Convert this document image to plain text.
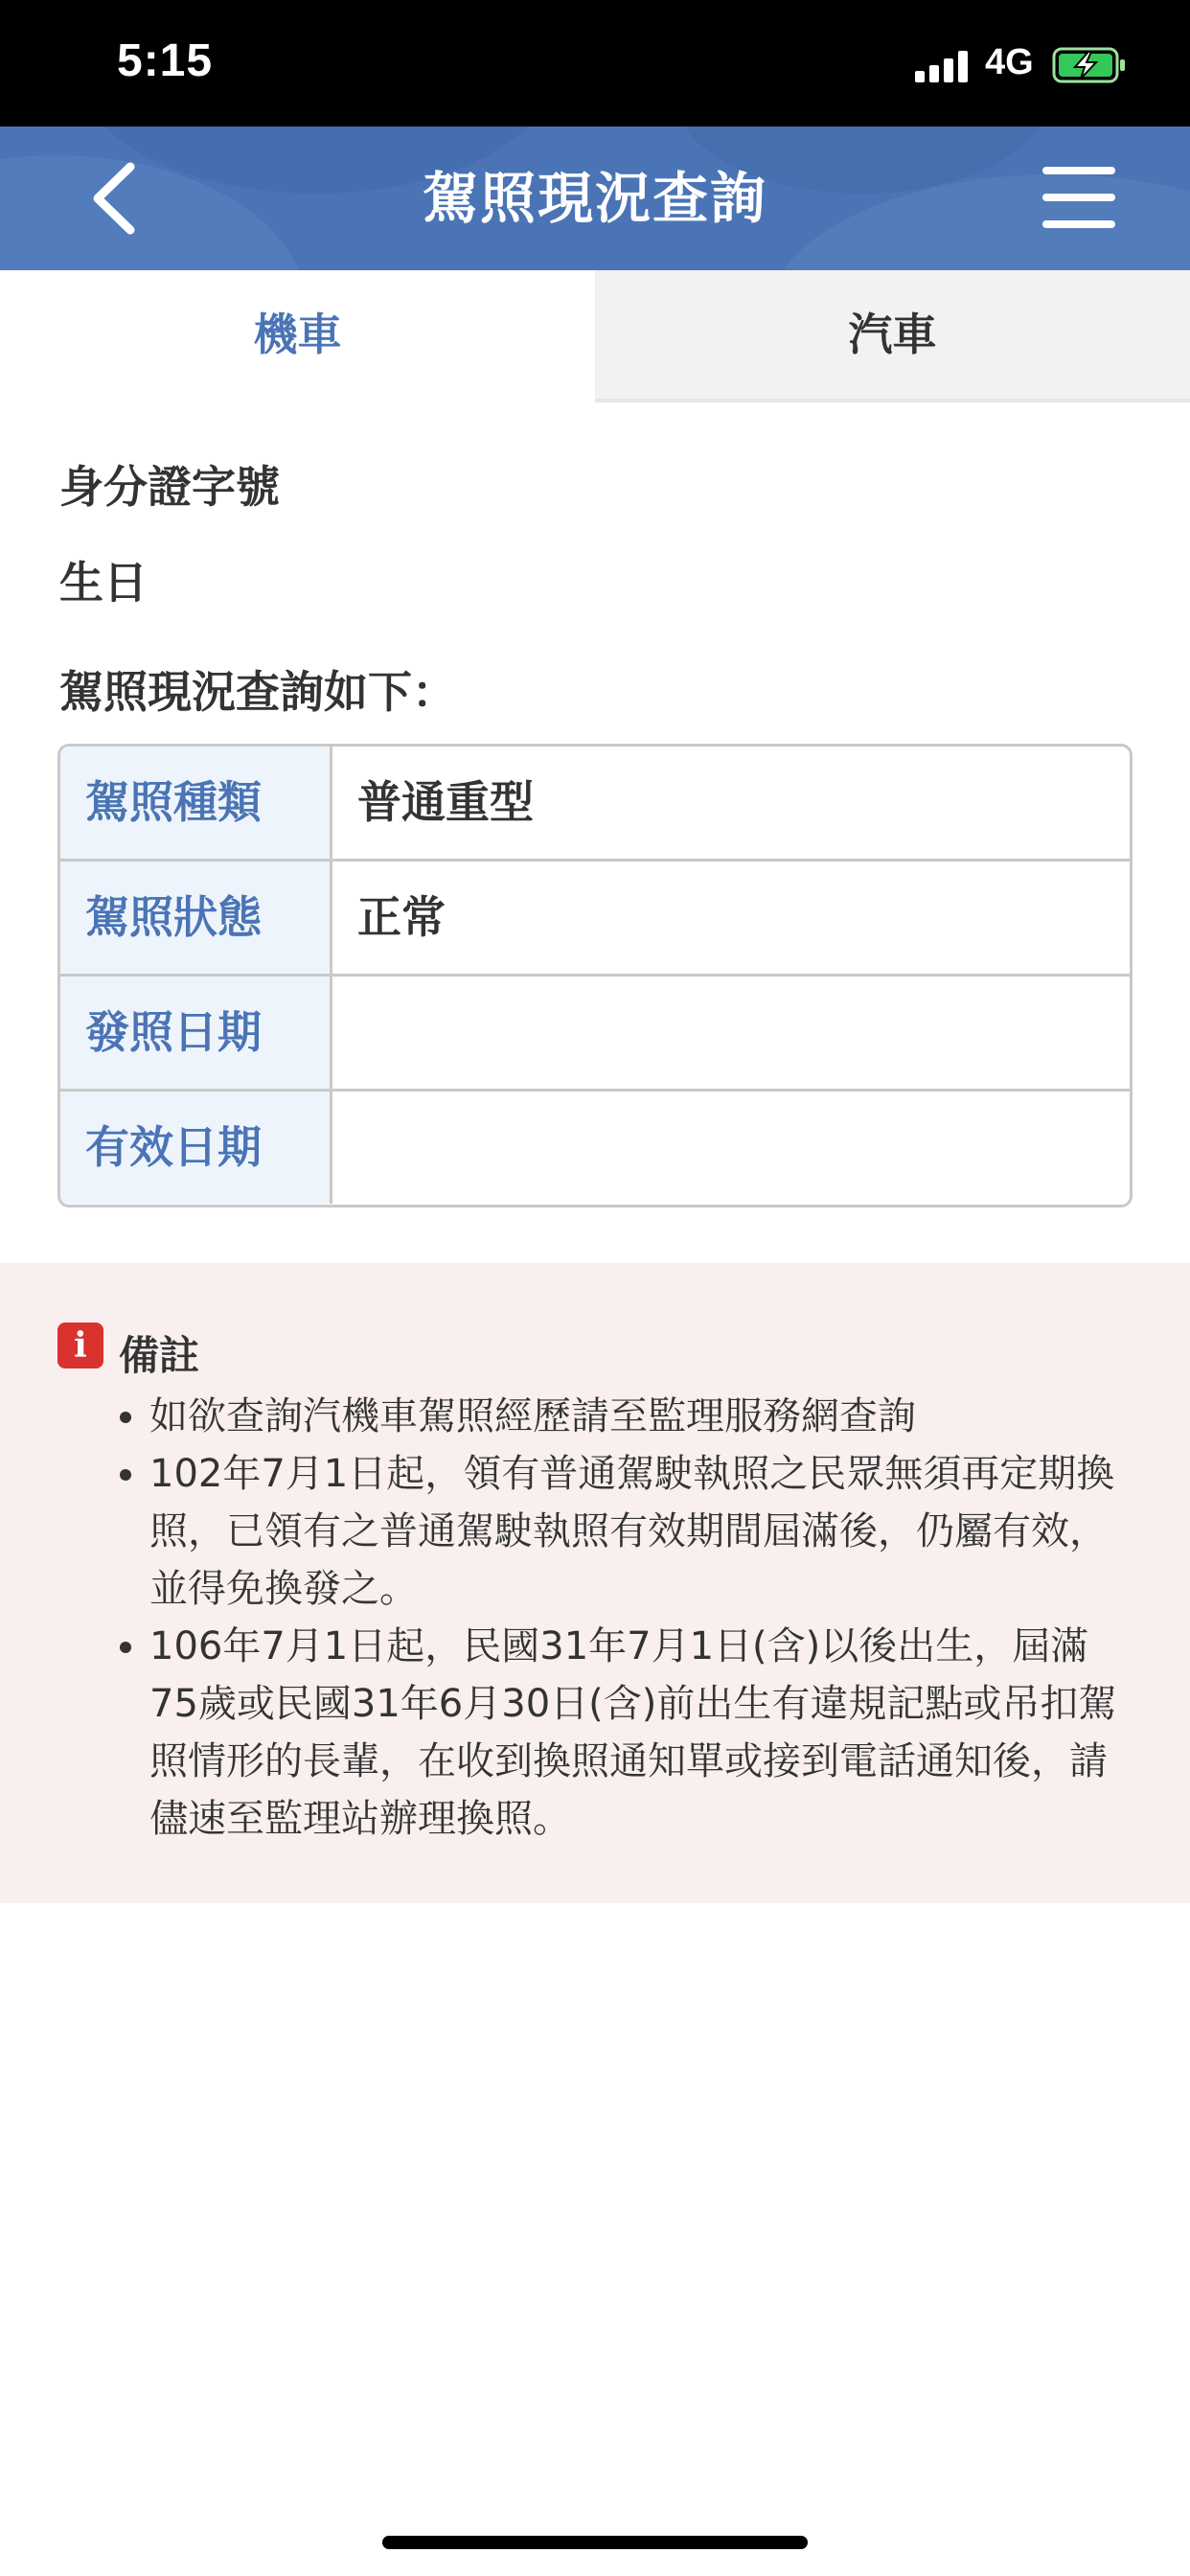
5:15	4G
駕照現況查詢
機車	汽車
身分證字號
生日
駕照現況查詢如下：
駕照種類	普通重型
駕照狀態	正常
發照日期
有效日期
i 備註
• 如欲查詢汽機車駕照經歷請至監理服務網查詢
• 102年7月1日起，領有普通駕駛執照之民眾無須再定期換照，已領有之普通駕駛執照有效期間屆滿後，仍屬有效，並得免換發之。
• 106年7月1日起，民國31年7月1日(含)以後出生，屆滿75歲或民國31年6月30日(含)前出生有違規記點或吊扣駕照情形的長輩，在收到換照通知單或接到電話通知後，請儘速至監理站辦理換照。
